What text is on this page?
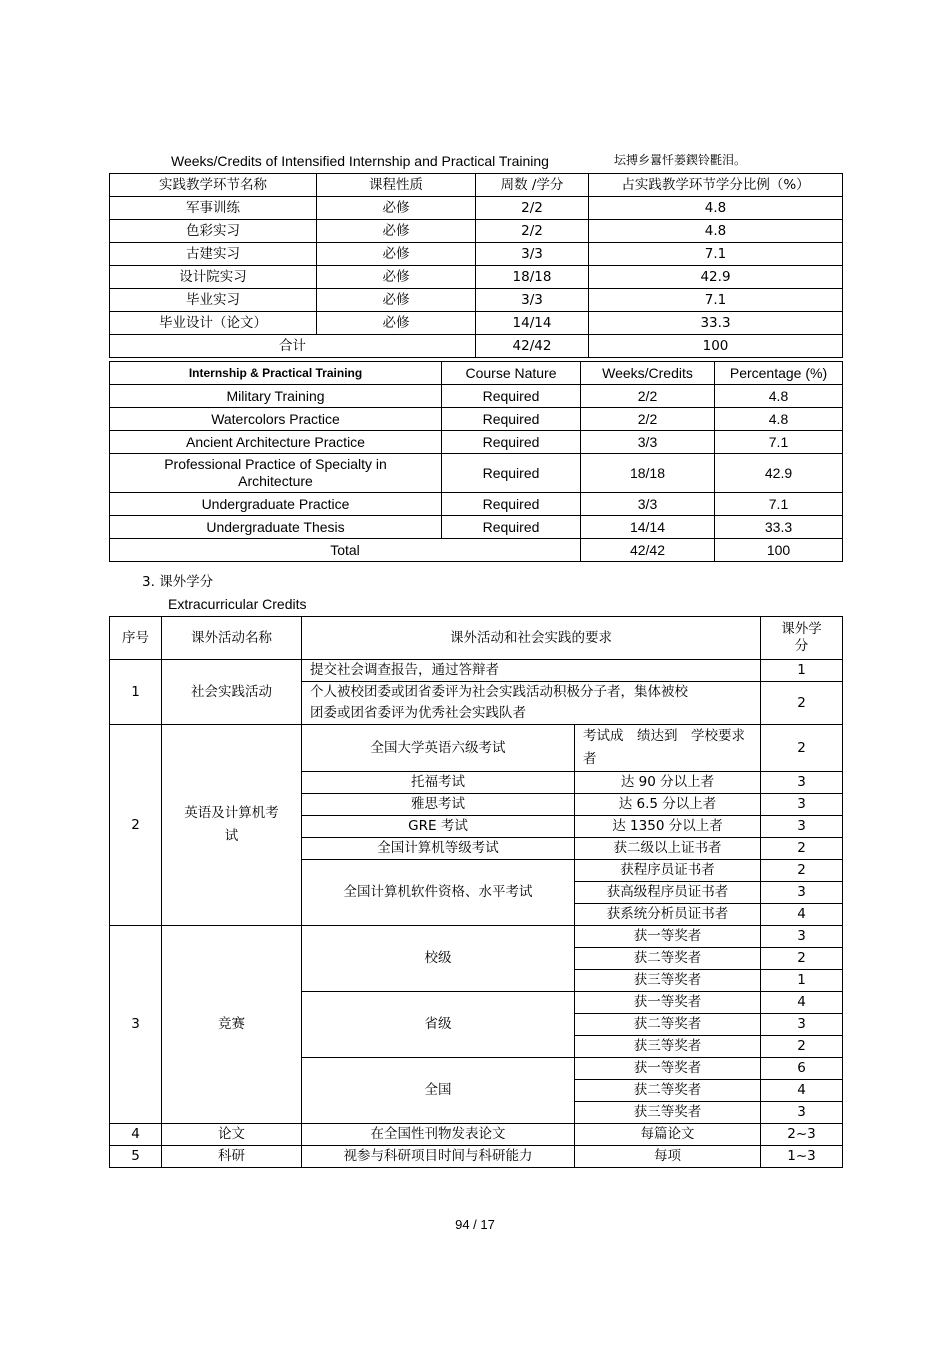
Weeks/Credits of Intensified Internship and Practical Training	坛搏乡囂忏蒌鍥铃氍泪。
实践教学环节名称	课程性质	周数 /学分	占实践教学环节学分比例（%）
军事训练	必修	2/2	4.8
色彩实习	必修	2/2	4.8
古建实习	必修	3/3	7.1
设计院实习	必修	18/18	42.9
毕业实习	必修	3/3	7.1
毕业设计（论文）	必修	14/14	33.3
合计		42/42	100
Internship & Practical Training	Course Nature	Weeks/Credits	Percentage (%)
Military Training	Required	2/2	4.8
Watercolors Practice	Required	2/2	4.8
Ancient Architecture Practice	Required	3/3	7.1
Professional Practice of Specialty in Architecture	Required	18/18	42.9
Undergraduate Practice	Required	3/3	7.1
Undergraduate Thesis	Required	14/14	33.3
Total		42/42	100
3. 课外学分
Extracurricular Credits
序号	课外活动名称	课外活动和社会实践的要求		课外学分
1	社会实践活动	提交社会调查报告，通过答辩者		1
		个人被校团委或团省委评为社会实践活动积极分子者，集体被校团委或团省委评为优秀社会实践队者		2
2	英语及计算机考试	全国大学英语六级考试	考试成　绩达到　学校要求者	2
		托福考试	达 90 分以上者	3
		雅思考试	达 6.5 分以上者	3
		GRE 考试	达 1350 分以上者	3
		全国计算机等级考试	获二级以上证书者	2
		全国计算机软件资格、水平考试	获程序员证书者	2
			获高级程序员证书者	3
			获系统分析员证书者	4
3	竞赛	校级	获一等奖者	3
			获二等奖者	2
			获三等奖者	1
		省级	获一等奖者	4
			获二等奖者	3
			获三等奖者	2
		全国	获一等奖者	6
			获二等奖者	4
			获三等奖者	3
4	论文	在全国性刊物发表论文	每篇论文	2~3
5	科研	视参与科研项目时间与科研能力	每项	1~3
94 / 17
